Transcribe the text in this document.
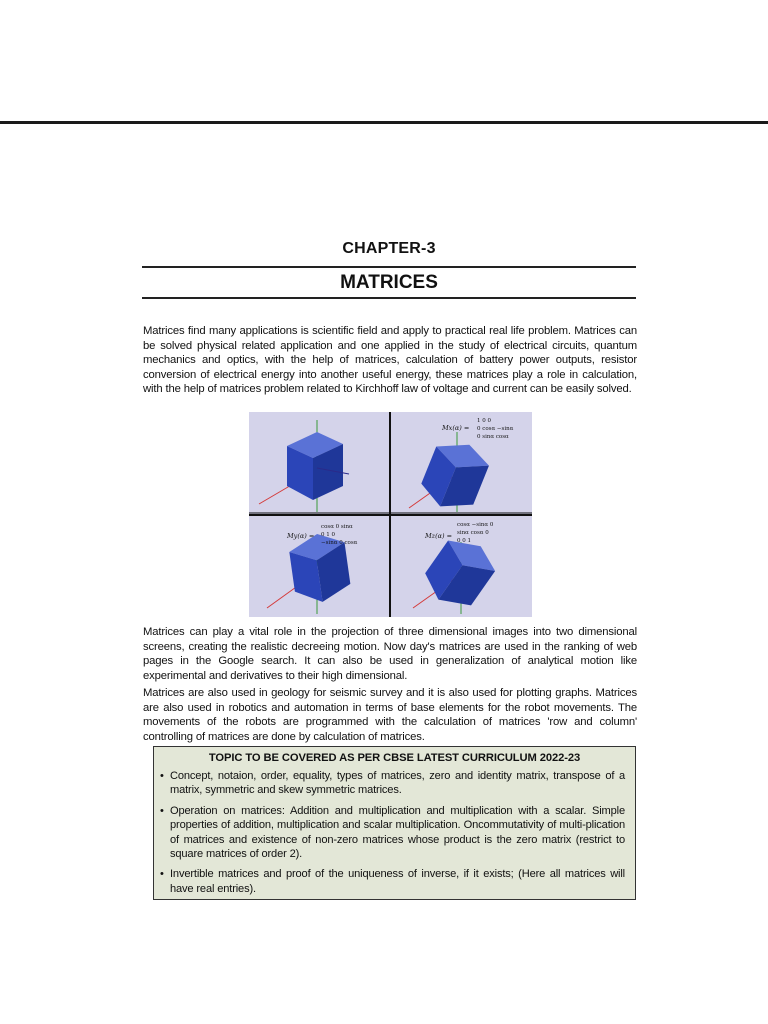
CHAPTER-3
MATRICES

Matrices find many applications is scientific field and apply to practical real life problem. Matrices can be solved physical related application and one applied in the study of electrical circuits, quantum mechanics and optics, with the help of matrices, calculation of battery power outputs, resistor conversion of electrical energy into another useful energy, these matrices play a role in calculation, with the help of matrices problem related to Kirchhoff law of voltage and current can be easily solved.

Mx(α) =
1 0 0
0 cosα −sinα
0 sinα cosα
My(α) =
cosα 0 sinα
0 1 0
−sinα 0 cosα
Mz(α) =
cosα −sinα 0
sinα cosα 0
0 0 1

Matrices can play a vital role in the projection of three dimensional images into two dimensional screens, creating the realistic decreeing motion. Now day's matrices are used in the ranking of web pages in the Google search. It can also be used in generalization of analytical motion like experimental and derivatives to their high dimensional.

Matrices are also used in geology for seismic survey and it is also used for plotting graphs. Matrices are also used in robotics and automation in terms of base elements for the robot movements. The movements of the robots are programmed with the calculation of matrices 'row and column' controlling of matrices are done by calculation of matrices.

TOPIC TO BE COVERED AS PER CBSE LATEST CURRICULUM 2022-23
• Concept, notaion, order, equality, types of matrices, zero and identity matrix, transpose of a matrix, symmetric and skew symmetric matrices.
• Operation on matrices: Addition and multiplication and multiplication with a scalar. Simple properties of addition, multiplication and scalar multiplication. Oncommutativity of multi-plication of matrices and existence of non-zero matrices whose product is the zero matrix (restrict to square matrices of order 2).
• Invertible matrices and proof of the uniqueness of inverse, if it exists; (Here all matrices will have real entries).
